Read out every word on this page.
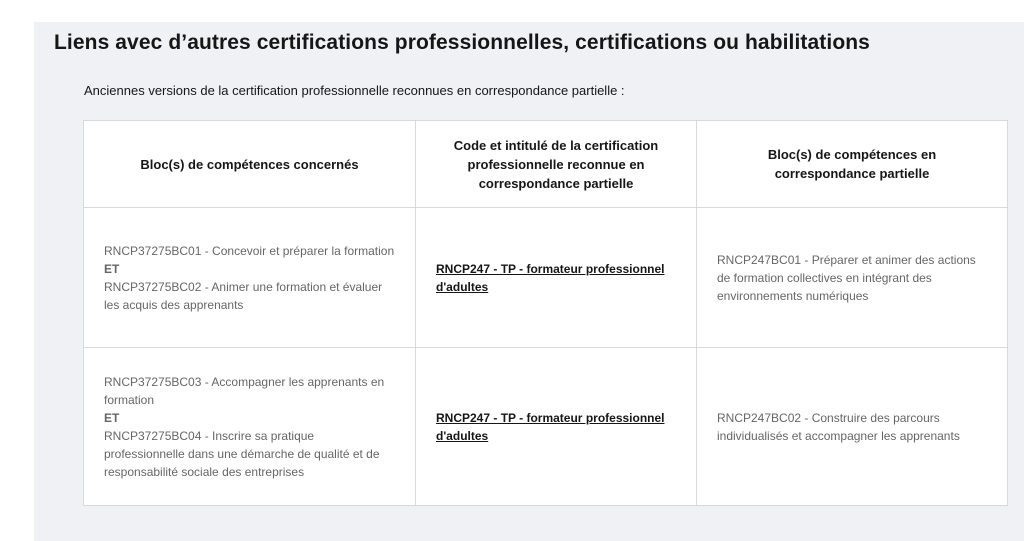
Liens avec d’autres certifications professionnelles, certifications ou habilitations

Anciennes versions de la certification professionnelle reconnues en correspondance partielle :

Bloc(s) de compétences concernés	Code et intitulé de la certification professionnelle reconnue en correspondance partielle	Bloc(s) de compétences en correspondance partielle

RNCP37275BC01 - Concevoir et préparer la formation
ET
RNCP37275BC02 - Animer une formation et évaluer les acquis des apprenants	RNCP247 - TP - formateur professionnel d'adultes	RNCP247BC01 - Préparer et animer des actions de formation collectives en intégrant des environnements numériques

RNCP37275BC03 - Accompagner les apprenants en formation
ET
RNCP37275BC04 - Inscrire sa pratique professionnelle dans une démarche de qualité et de responsabilité sociale des entreprises	RNCP247 - TP - formateur professionnel d'adultes	RNCP247BC02 - Construire des parcours individualisés et accompagner les apprenants
